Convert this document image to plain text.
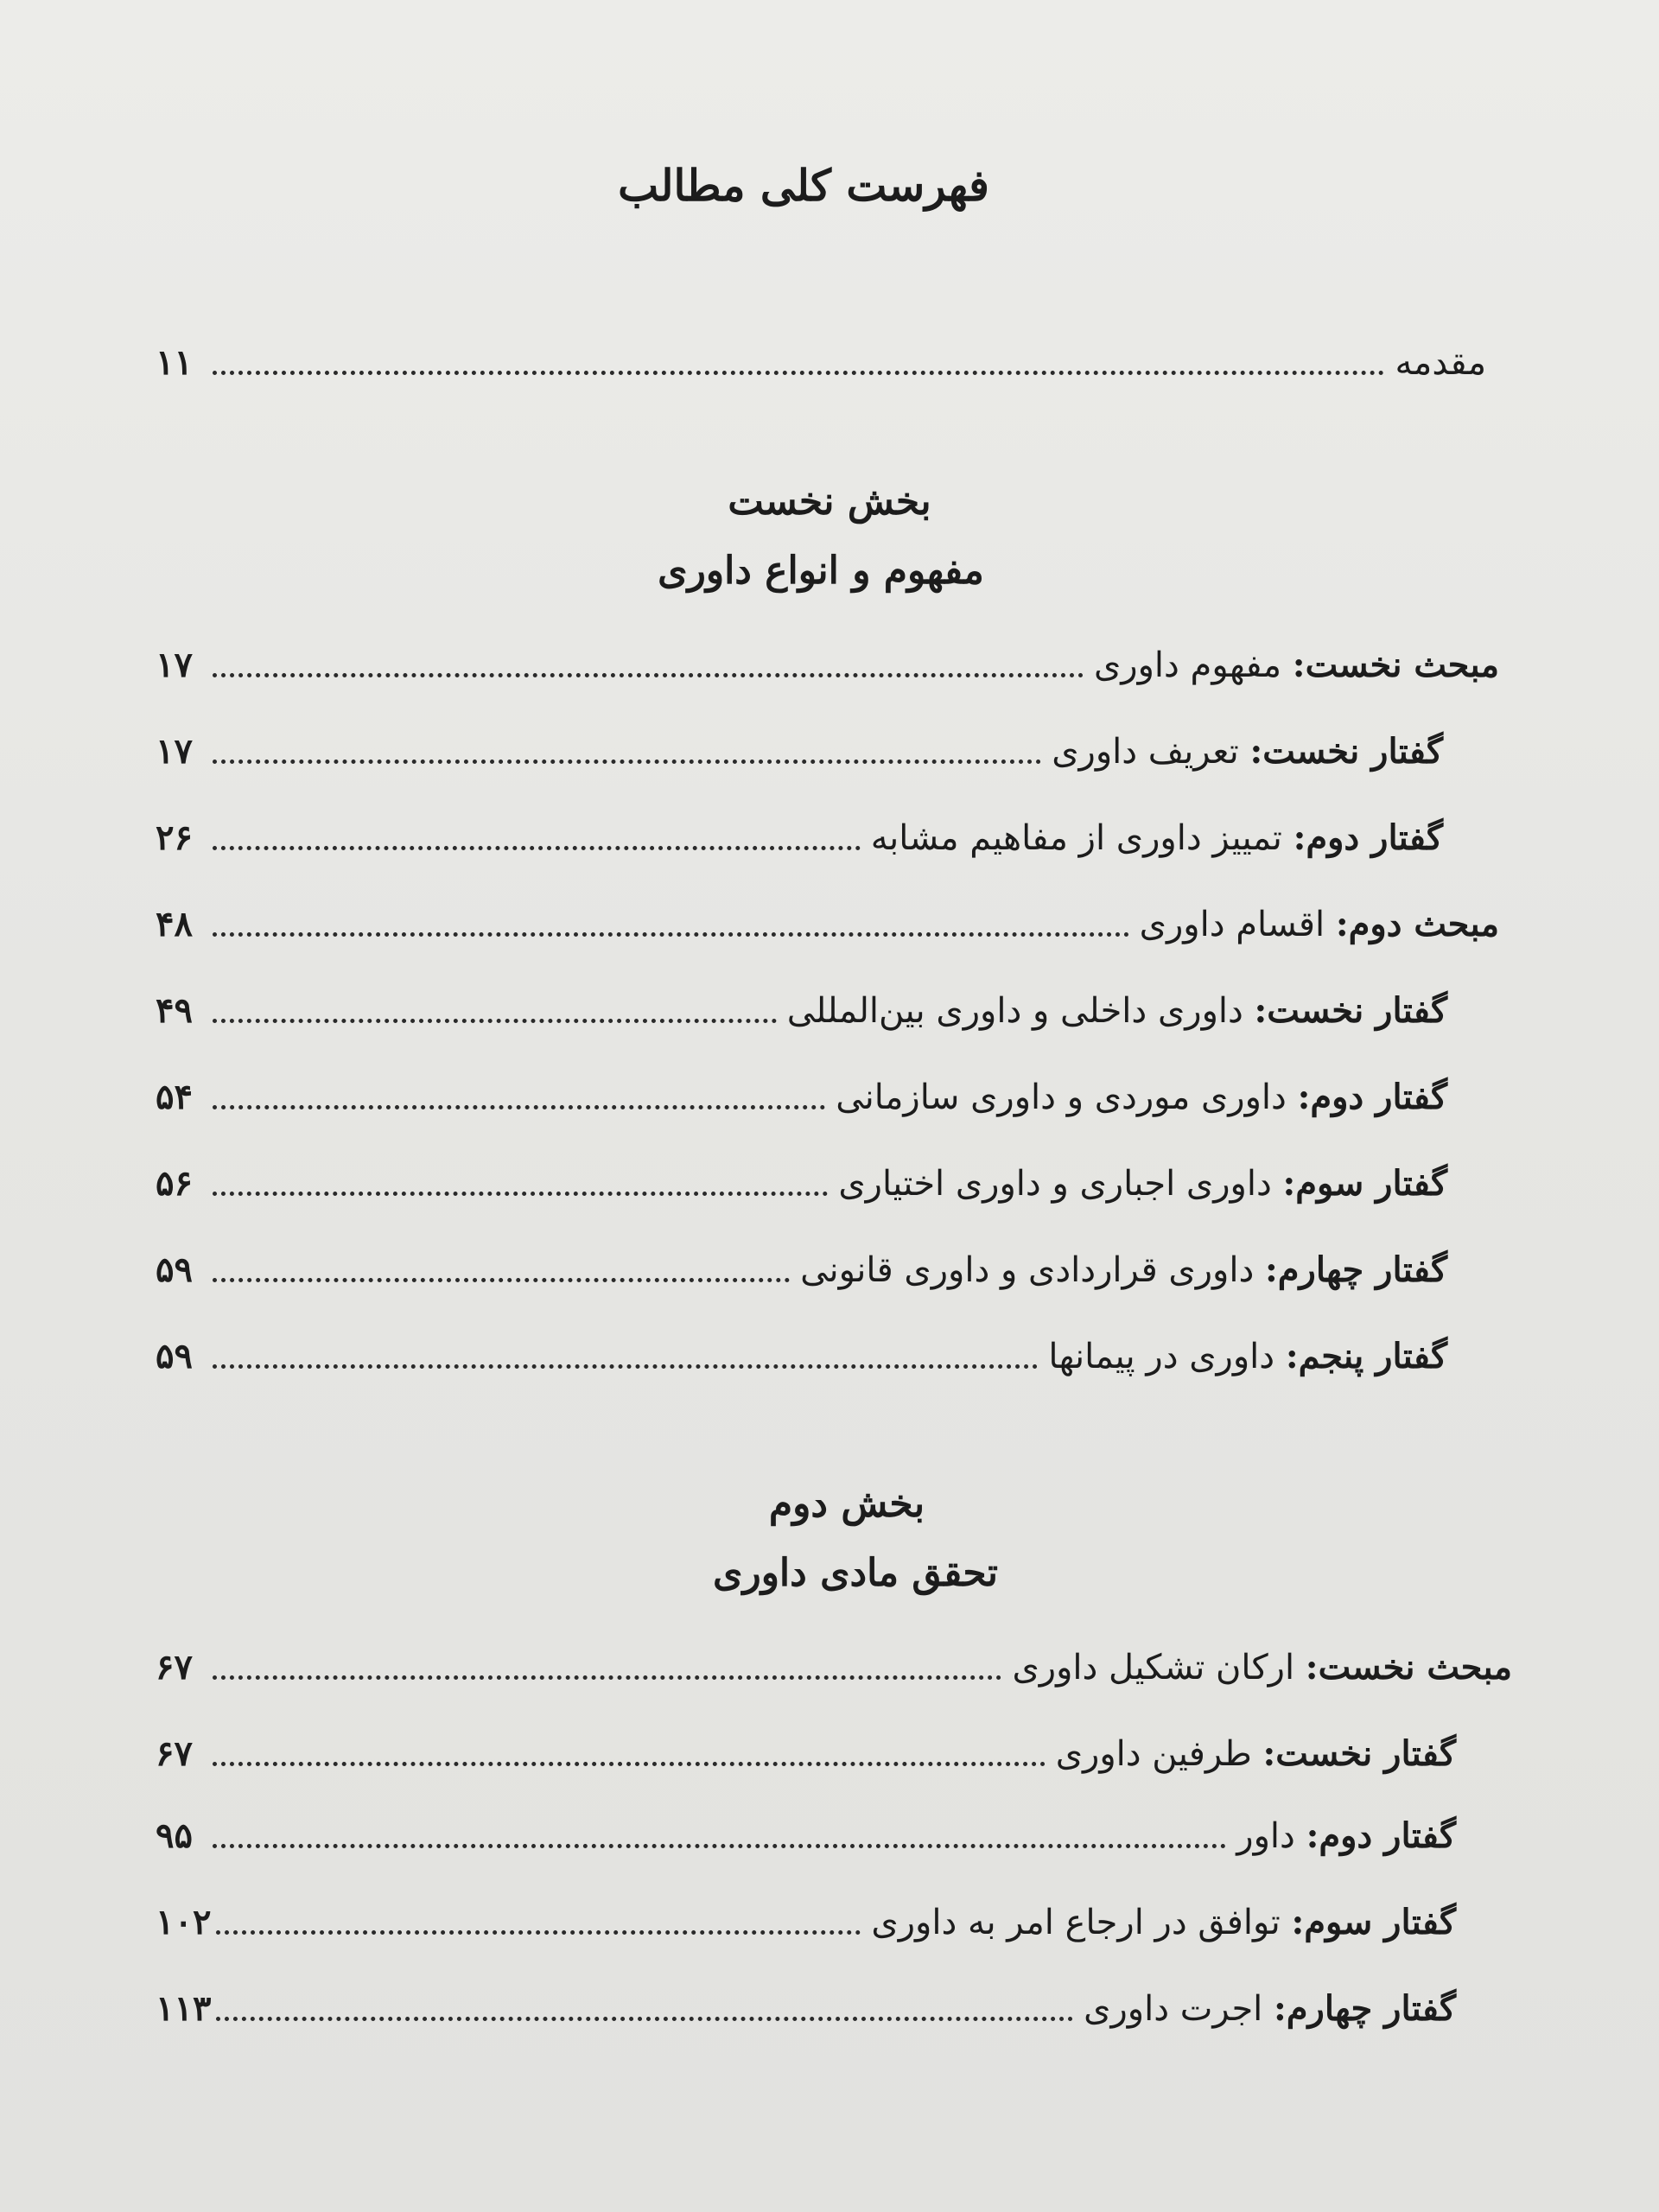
فهرست کلی مطالب
مقدمه
۱۱
بخش نخست
مفهوم و انواع داوری
مبحث نخست: مفهوم داوری
۱۷
گفتار نخست: تعریف داوری
۱۷
گفتار دوم: تمییز داوری از مفاهیم مشابه
۲۶
مبحث دوم: اقسام داوری
۴۸
گفتار نخست: داوری داخلی و داوری بین‌المللی
۴۹
گفتار دوم: داوری موردی و داوری سازمانی
۵۴
گفتار سوم: داوری اجباری و داوری اختیاری
۵۶
گفتار چهارم: داوری قراردادی و داوری قانونی
۵۹
گفتار پنجم: داوری در پیمانها
۵۹
بخش دوم
تحقق مادی داوری
مبحث نخست: ارکان تشکیل داوری
۶۷
گفتار نخست: طرفین داوری
۶۷
گفتار دوم: داور
۹۵
گفتار سوم: توافق در ارجاع امر به داوری
۱۰۲
گفتار چهارم: اجرت داوری
۱۱۳
